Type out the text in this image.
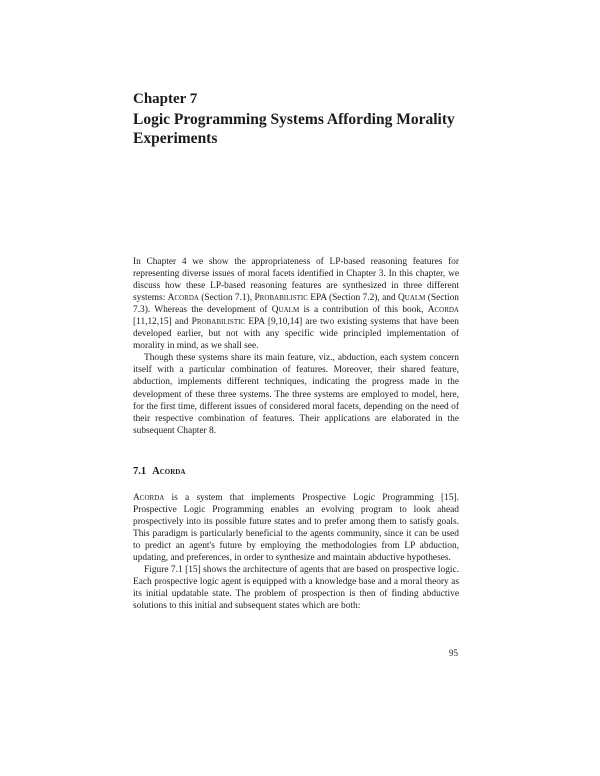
Chapter 7
Logic Programming Systems Affording Morality Experiments

In Chapter 4 we show the appropriateness of LP-based reasoning features for representing diverse issues of moral facets identified in Chapter 3. In this chapter, we discuss how these LP-based reasoning features are synthesized in three different systems: Acorda (Section 7.1), Probabilistic EPA (Section 7.2), and Qualm (Section 7.3). Whereas the development of Qualm is a contribution of this book, Acorda [11,12,15] and Probabilistic EPA [9,10,14] are two existing systems that have been developed earlier, but not with any specific wide principled implementation of morality in mind, as we shall see.

Though these systems share its main feature, viz., abduction, each system concern itself with a particular combination of features. Moreover, their shared feature, abduction, implements different techniques, indicating the progress made in the development of these three systems. The three systems are employed to model, here, for the first time, different issues of considered moral facets, depending on the need of their respective combination of features. Their applications are elaborated in the subsequent Chapter 8.

7.1 Acorda

Acorda is a system that implements Prospective Logic Programming [15]. Prospective Logic Programming enables an evolving program to look ahead prospectively into its possible future states and to prefer among them to satisfy goals. This paradigm is particularly beneficial to the agents community, since it can be used to predict an agent's future by employing the methodologies from LP abduction, updating, and preferences, in order to synthesize and maintain abductive hypotheses.

Figure 7.1 [15] shows the architecture of agents that are based on prospective logic. Each prospective logic agent is equipped with a knowledge base and a moral theory as its initial updatable state. The problem of prospection is then of finding abductive solutions to this initial and subsequent states which are both:

95
